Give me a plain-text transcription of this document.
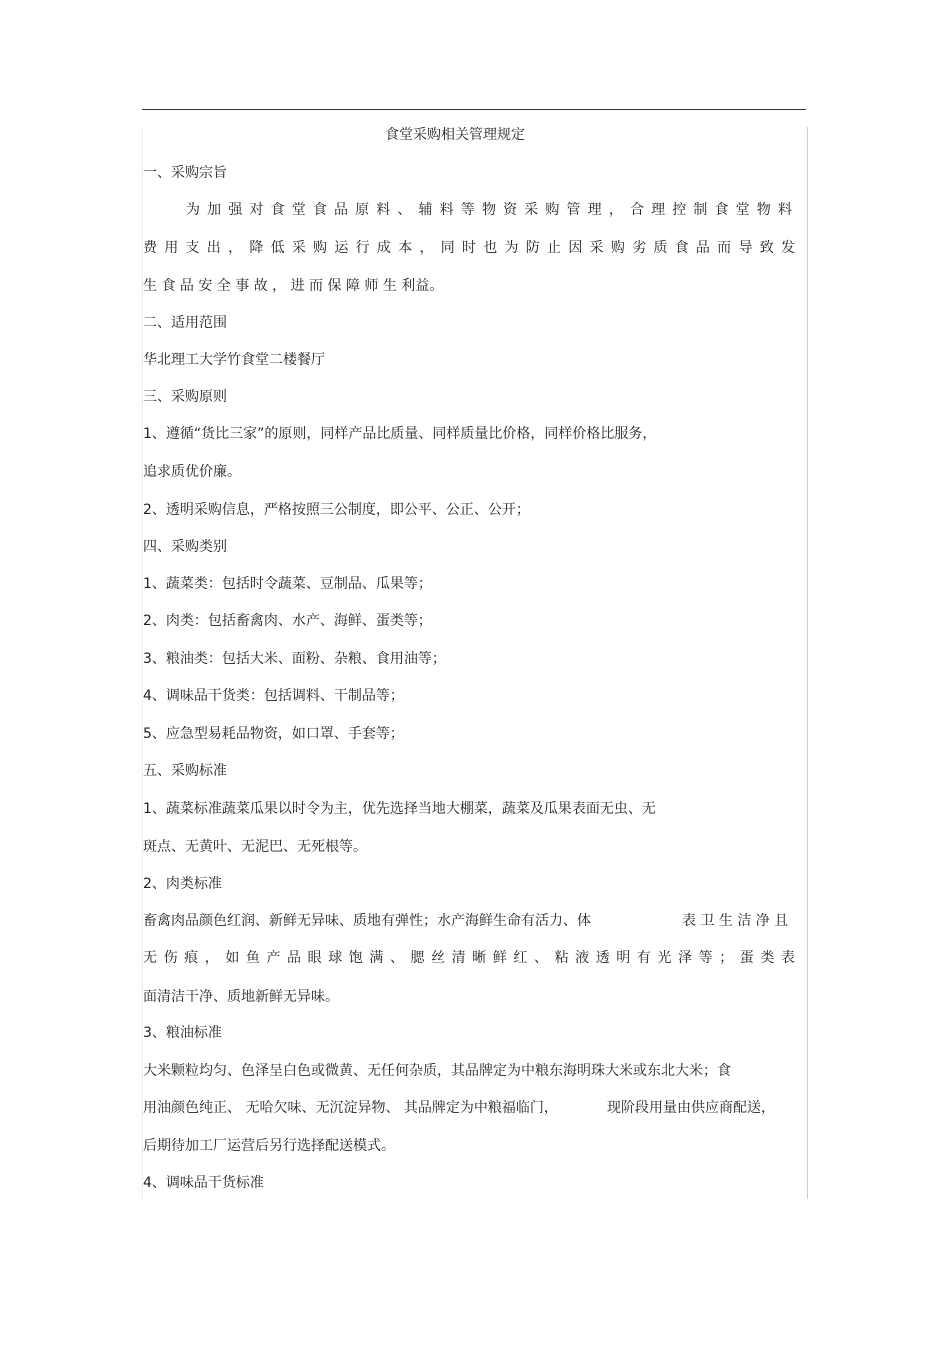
食堂采购相关管理规定
一、采购宗旨
为 加 强 对 食 堂 食 品 原 料 、 辅 料 等 物 资 采 购 管 理 ， 合 理 控 制 食 堂 物 料
费 用 支 出 ， 降 低 采 购 运 行 成 本 ， 同 时 也 为 防 止 因 采 购 劣 质 食 品 而 导 致 发
生 食 品 安 全 事 故 ， 进 而 保 障 师 生 利益。
二、适用范围
华北理工大学竹食堂二楼餐厅
三、采购原则
1、遵循“货比三家”的原则，同样产品比质量、同样质量比价格，同样价格比服务，
追求质优价廉。
2、透明采购信息，严格按照三公制度，即公平、公正、公开；
四、采购类别
1、蔬菜类：包括时令蔬菜、豆制品、瓜果等；
2、肉类：包括畜禽肉、水产、海鲜、蛋类等；
3、粮油类：包括大米、面粉、杂粮、食用油等；
4、调味品干货类：包括调料、干制品等；
5、应急型易耗品物资，如口罩、手套等；
五、采购标准
1、蔬菜标准蔬菜瓜果以时令为主，优先选择当地大棚菜，蔬菜及瓜果表面无虫、无
斑点、无黄叶、无泥巴、无死根等。
2、肉类标准
畜禽肉品颜色红润、新鲜无异味、质地有弹性；水产海鲜生命有活力、体	表 卫 生 洁 净 且
无 伤 痕 ， 如 鱼 产 品 眼 球 饱 满 、 腮 丝 清 晰 鲜 红 、 粘 液 透 明 有 光 泽 等 ； 蛋 类 表
面清洁干净、质地新鲜无异味。
3、粮油标准
大米颗粒均匀、色泽呈白色或微黄、无任何杂质，其品牌定为中粮东海明珠大米或东北大米；食
用油颜色纯正、 无哈欠味、无沉淀异物、 其品牌定为中粮福临门，	现阶段用量由供应商配送，
后期待加工厂运营后另行选择配送模式。
4、调味品干货标准
